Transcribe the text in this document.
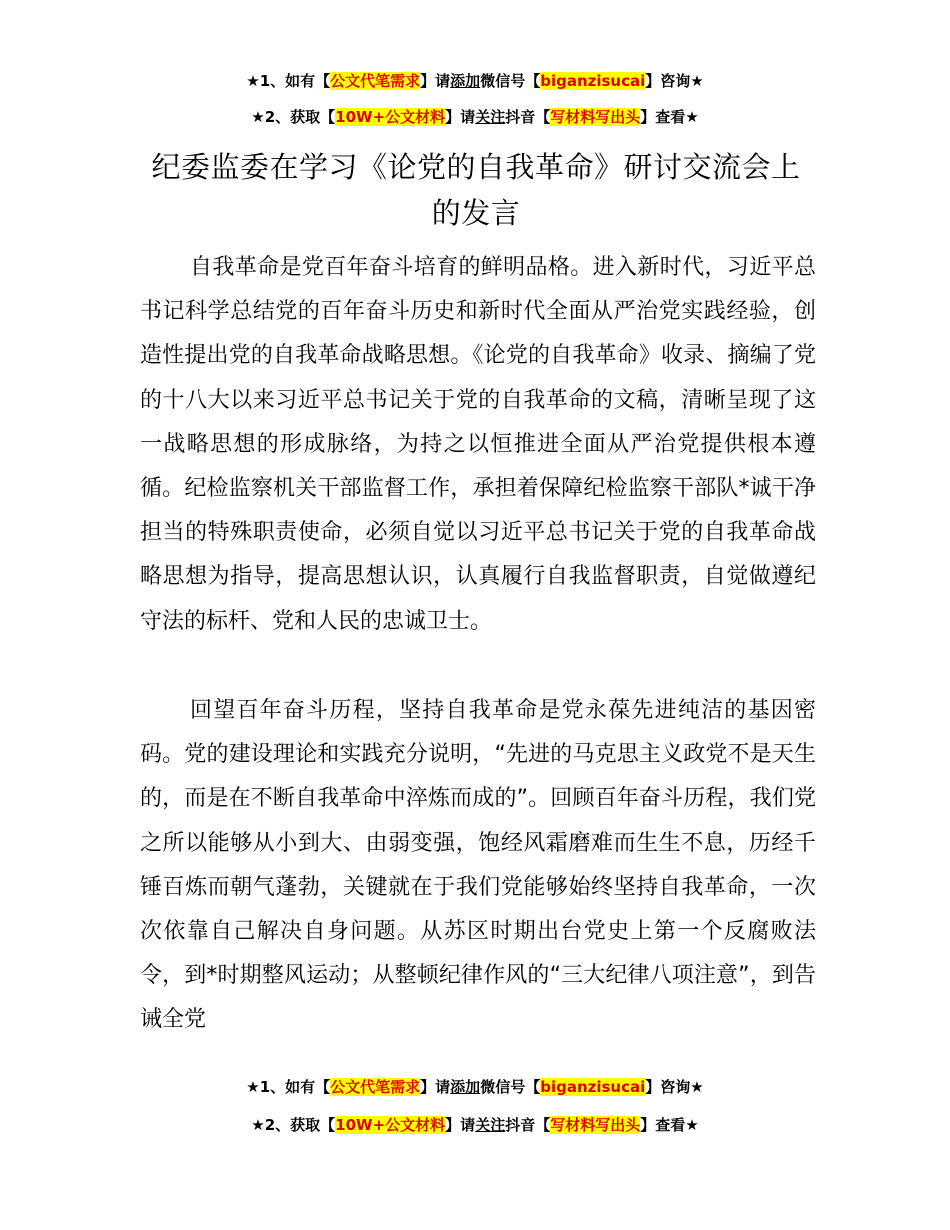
★1、如有【公文代笔需求】请添加微信号【biganzisucai】咨询★
★2、获取【10W+公文材料】请关注抖音【写材料写出头】查看★
纪委监委在学习《论党的自我革命》研讨交流会上的发言

自我革命是党百年奋斗培育的鲜明品格。进入新时代，习近平总书记科学总结党的百年奋斗历史和新时代全面从严治党实践经验，创造性提出党的自我革命战略思想。《论党的自我革命》收录、摘编了党的十八大以来习近平总书记关于党的自我革命的文稿，清晰呈现了这一战略思想的形成脉络，为持之以恒推进全面从严治党提供根本遵循。纪检监察机关干部监督工作，承担着保障纪检监察干部队*诚干净担当的特殊职责使命，必须自觉以习近平总书记关于党的自我革命战略思想为指导，提高思想认识，认真履行自我监督职责，自觉做遵纪守法的标杆、党和人民的忠诚卫士。

回望百年奋斗历程，坚持自我革命是党永葆先进纯洁的基因密码。党的建设理论和实践充分说明，“先进的马克思主义政党不是天生的，而是在不断自我革命中淬炼而成的”。回顾百年奋斗历程，我们党之所以能够从小到大、由弱变强，饱经风霜磨难而生生不息，历经千锤百炼而朝气蓬勃，关键就在于我们党能够始终坚持自我革命，一次次依靠自己解决自身问题。从苏区时期出台党史上第一个反腐败法令，到*时期整风运动；从整顿纪律作风的“三大纪律八项注意”，到告诫全党

★1、如有【公文代笔需求】请添加微信号【biganzisucai】咨询★
★2、获取【10W+公文材料】请关注抖音【写材料写出头】查看★
